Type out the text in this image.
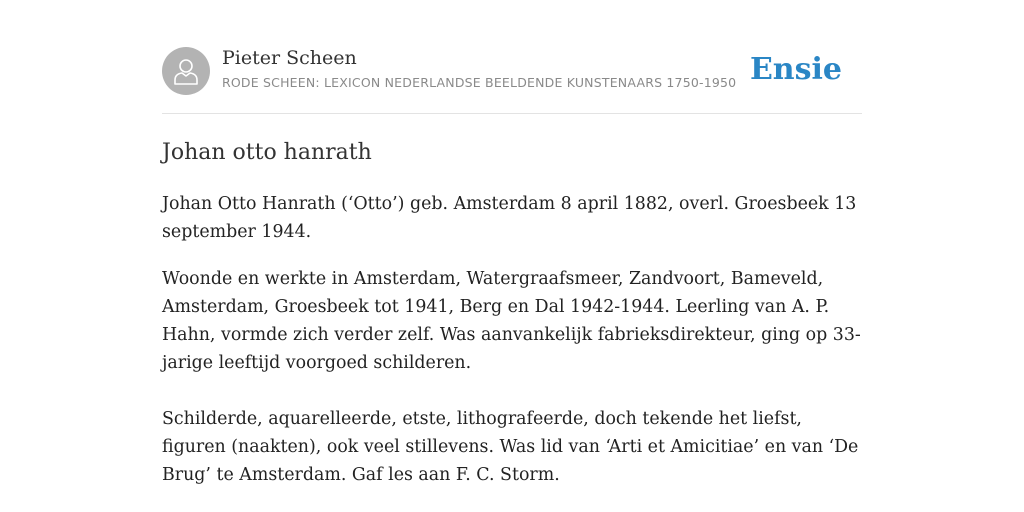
Pieter Scheen
RODE SCHEEN: LEXICON NEDERLANDSE BEELDENDE KUNSTENAARS 1750-1950 Ensie
Johan otto hanrath

Johan Otto Hanrath (‘Otto’) geb. Amsterdam 8 april 1882, overl. Groesbeek 13 september 1944.

Woonde en werkte in Amsterdam, Watergraafsmeer, Zandvoort, Bameveld, Amsterdam, Groesbeek tot 1941, Berg en Dal 1942-1944. Leerling van A. P. Hahn, vormde zich verder zelf. Was aanvankelijk fabrieksdirekteur, ging op 33-jarige leeftijd voorgoed schilderen.

Schilderde, aquarelleerde, etste, lithografeerde, doch tekende het liefst, figuren (naakten), ook veel stillevens. Was lid van ‘Arti et Amicitiae’ en van ‘De Brug’ te Amsterdam. Gaf les aan F. C. Storm.
